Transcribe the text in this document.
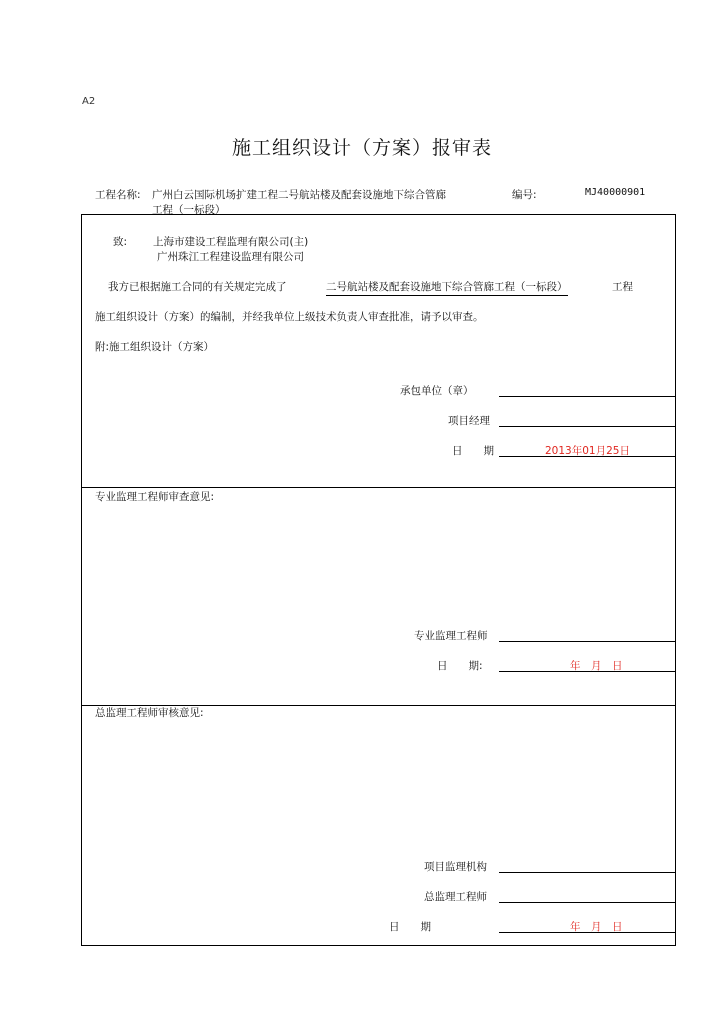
A2
施工组织设计（方案）报审表
工程名称: 广州白云国际机场扩建工程二号航站楼及配套设施地下综合管廊
工程（一标段）
编号:	MJ40000901
致: 上海市建设工程监理有限公司(主)
广州珠江工程建设监理有限公司
我方已根据施工合同的有关规定完成了	二号航站楼及配套设施地下综合管廊工程（一标段）	工程
施工组织设计（方案）的编制，并经我单位上级技术负责人审查批准，请予以审查。
附:施工组织设计（方案）
承包单位（章）
项目经理
日　　期	2013年01月25日
专业监理工程师审查意见:
专业监理工程师
日　　期:	年　月　日
总监理工程师审核意见:
项目监理机构
总监理工程师
日　　期	年　月　日
